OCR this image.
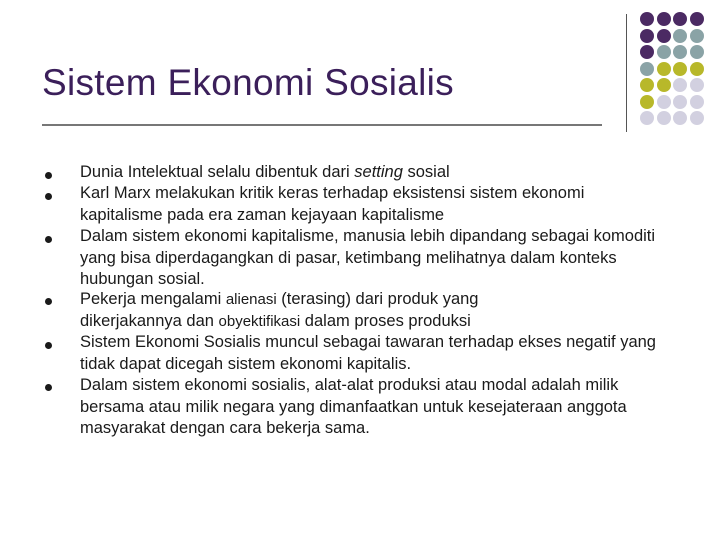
Sistem Ekonomi Sosialis
Dunia Intelektual selalu dibentuk dari setting sosial
Karl Marx melakukan kritik keras terhadap eksistensi sistem ekonomi kapitalisme pada era zaman kejayaan kapitalisme
Dalam sistem ekonomi kapitalisme, manusia lebih dipandang sebagai komoditi yang bisa diperdagangkan di pasar, ketimbang melihatnya dalam konteks hubungan sosial.
Pekerja mengalami alienasi (terasing) dari produk yang dikerjakannya dan obyektifikasi dalam proses produksi
Sistem Ekonomi Sosialis muncul sebagai tawaran terhadap ekses negatif yang tidak dapat dicegah sistem ekonomi kapitalis.
Dalam sistem ekonomi sosialis, alat-alat produksi atau modal adalah milik bersama atau milik negara yang dimanfaatkan untuk kesejateraan anggota masyarakat dengan cara bekerja sama.
